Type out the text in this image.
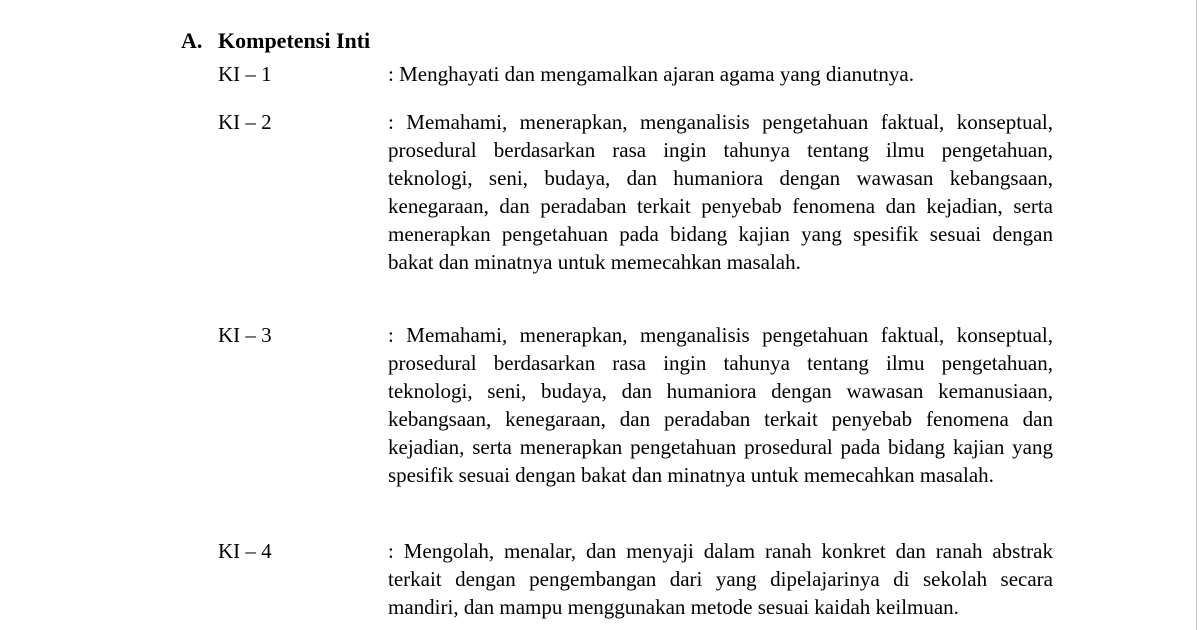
A. Kompetensi Inti
KI – 1	: Menghayati dan mengamalkan ajaran agama yang dianutnya.
KI – 2	: Memahami, menerapkan, menganalisis pengetahuan faktual, konseptual, prosedural berdasarkan rasa ingin tahunya tentang ilmu pengetahuan, teknologi, seni, budaya, dan humaniora dengan wawasan kebangsaan, kenegaraan, dan peradaban terkait penyebab fenomena dan kejadian, serta menerapkan pengetahuan pada bidang kajian yang spesifik sesuai dengan bakat dan minatnya untuk memecahkan masalah.
KI – 3	: Memahami, menerapkan, menganalisis pengetahuan faktual, konseptual, prosedural berdasarkan rasa ingin tahunya tentang ilmu pengetahuan, teknologi, seni, budaya, dan humaniora dengan wawasan kemanusiaan, kebangsaan, kenegaraan, dan peradaban terkait penyebab fenomena dan kejadian, serta menerapkan pengetahuan prosedural pada bidang kajian yang spesifik sesuai dengan bakat dan minatnya untuk memecahkan masalah.
KI – 4	: Mengolah, menalar, dan menyaji dalam ranah konkret dan ranah abstrak terkait dengan pengembangan dari yang dipelajarinya di sekolah secara mandiri, dan mampu menggunakan metode sesuai kaidah keilmuan.
